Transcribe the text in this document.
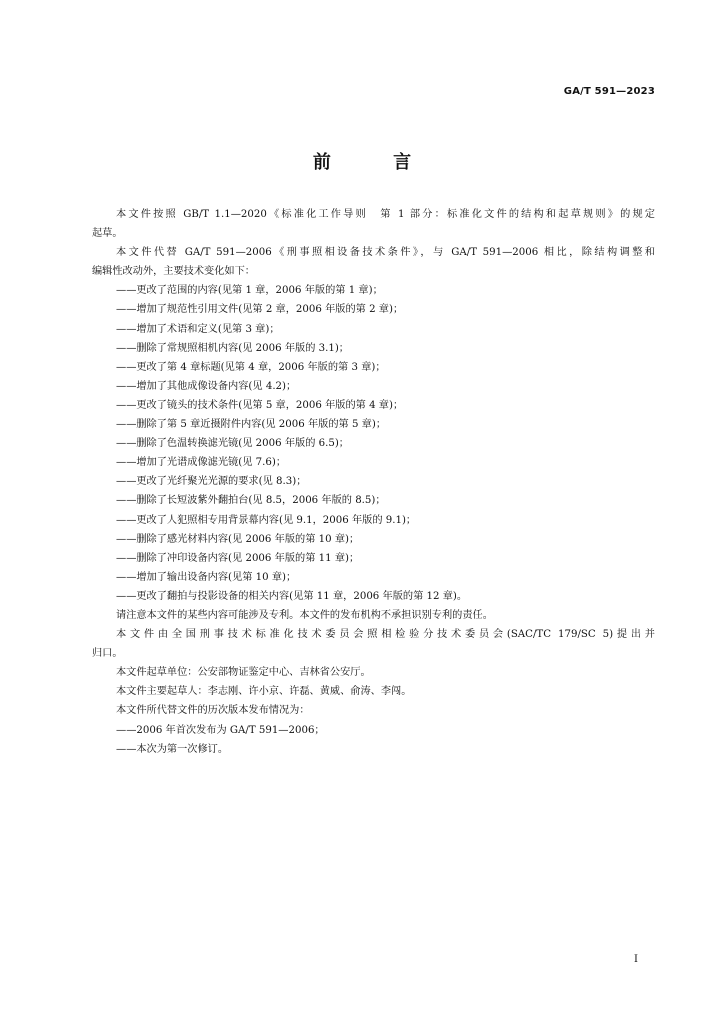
GA/T 591—2023
前 言

本文件按照 GB/T 1.1—2020《标准化工作导则　第 1 部分：标准化文件的结构和起草规则》的规定

起草。

本文件代替 GA/T 591—2006《刑事照相设备技术条件》，与 GA/T 591—2006 相比，除结构调整和

编辑性改动外，主要技术变化如下：

——更改了范围的内容(见第 1 章，2006 年版的第 1 章)；

——增加了规范性引用文件(见第 2 章，2006 年版的第 2 章)；

——增加了术语和定义(见第 3 章)；

——删除了常规照相机内容(见 2006 年版的 3.1)；

——更改了第 4 章标题(见第 4 章，2006 年版的第 3 章)；

——增加了其他成像设备内容(见 4.2)；

——更改了镜头的技术条件(见第 5 章，2006 年版的第 4 章)；

——删除了第 5 章近摄附件内容(见 2006 年版的第 5 章)；

——删除了色温转换滤光镜(见 2006 年版的 6.5)；

——增加了光谱成像滤光镜(见 7.6)；

——更改了光纤聚光光源的要求(见 8.3)；

——删除了长短波紫外翻拍台(见 8.5，2006 年版的 8.5)；

——更改了人犯照相专用背景幕内容(见 9.1，2006 年版的 9.1)；

——删除了感光材料内容(见 2006 年版的第 10 章)；

——删除了冲印设备内容(见 2006 年版的第 11 章)；

——增加了输出设备内容(见第 10 章)；

——更改了翻拍与投影设备的相关内容(见第 11 章，2006 年版的第 12 章)。

请注意本文件的某些内容可能涉及专利。本文件的发布机构不承担识别专利的责任。

本文件由全国刑事技术标准化技术委员会照相检验分技术委员会(SAC/TC 179/SC 5)提出并

归口。

本文件起草单位：公安部物证鉴定中心、吉林省公安厅。

本文件主要起草人：李志刚、许小京、许磊、黄威、俞涛、李闯。

本文件所代替文件的历次版本发布情况为：

——2006 年首次发布为 GA/T 591—2006；

——本次为第一次修订。

I
